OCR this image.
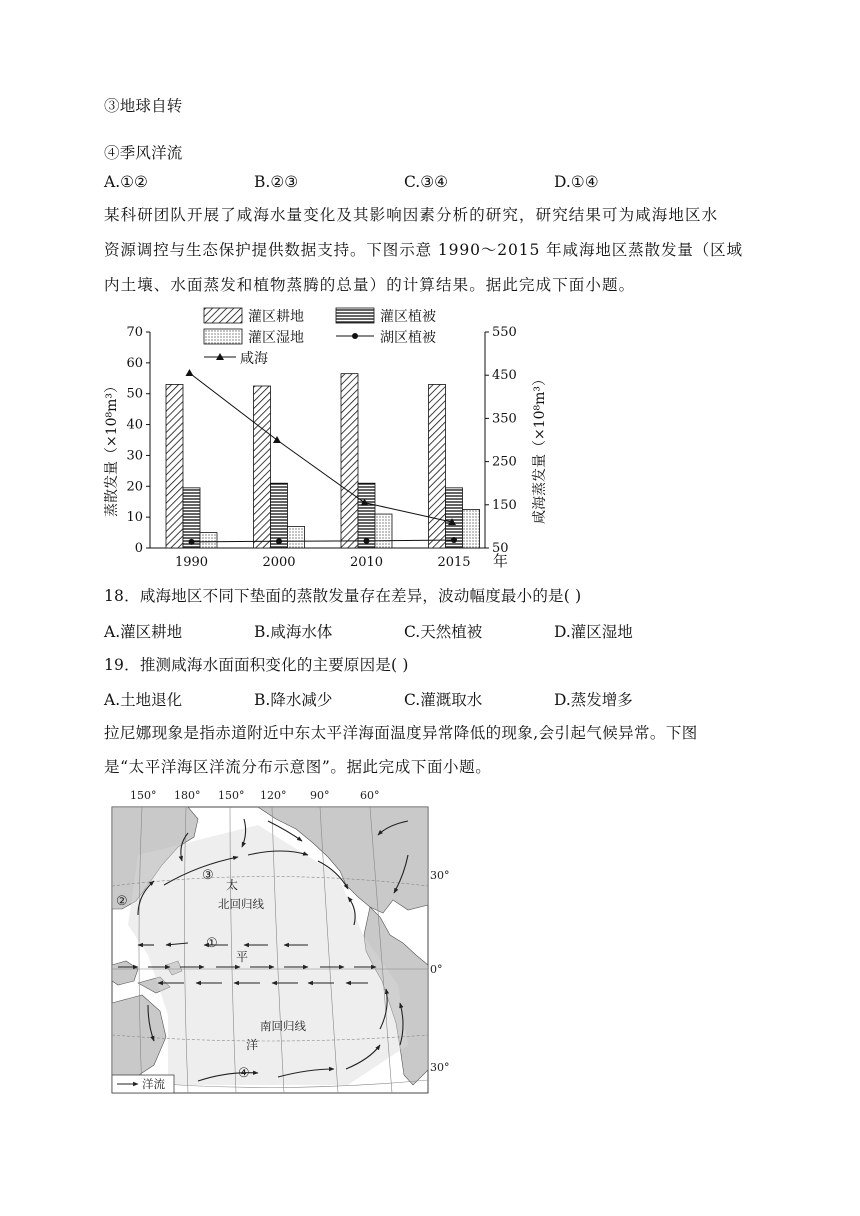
③地球自转
④季风洋流
A.①②	B.②③	C.③④	D.①④
某科研团队开展了咸海水量变化及其影响因素分析的研究，研究结果可为咸海地区水
资源调控与生态保护提供数据支持。下图示意 1990～2015 年咸海地区蒸散发量（区域
内土壤、水面蒸发和植物蒸腾的总量）的计算结果。据此完成下面小题。
0
10
20
30
40
50
60
70
50
150
250
350
450
550
1990	2000	2010	2015 年
灌区耕地	灌区植被
灌区湿地	湖区植被
咸海
蒸散发量（×10⁸m³）	咸海蒸发量（×10⁸m³）
18．咸海地区不同下垫面的蒸散发量存在差异，波动幅度最小的是( )
A.灌区耕地	B.咸海水体	C.天然植被	D.灌区湿地
19．推测咸海水面面积变化的主要原因是( )
A.土地退化	B.降水减少	C.灌溉取水	D.蒸发增多
拉尼娜现象是指赤道附近中东太平洋海面温度异常降低的现象,会引起气候异常。下图
是“太平洋海区洋流分布示意图”。据此完成下面小题。
150° 180° 150° 120° 90°	60°
太
北回归线
平
南回归线
洋
①
②
③
④
30°
0°
30°
洋流
